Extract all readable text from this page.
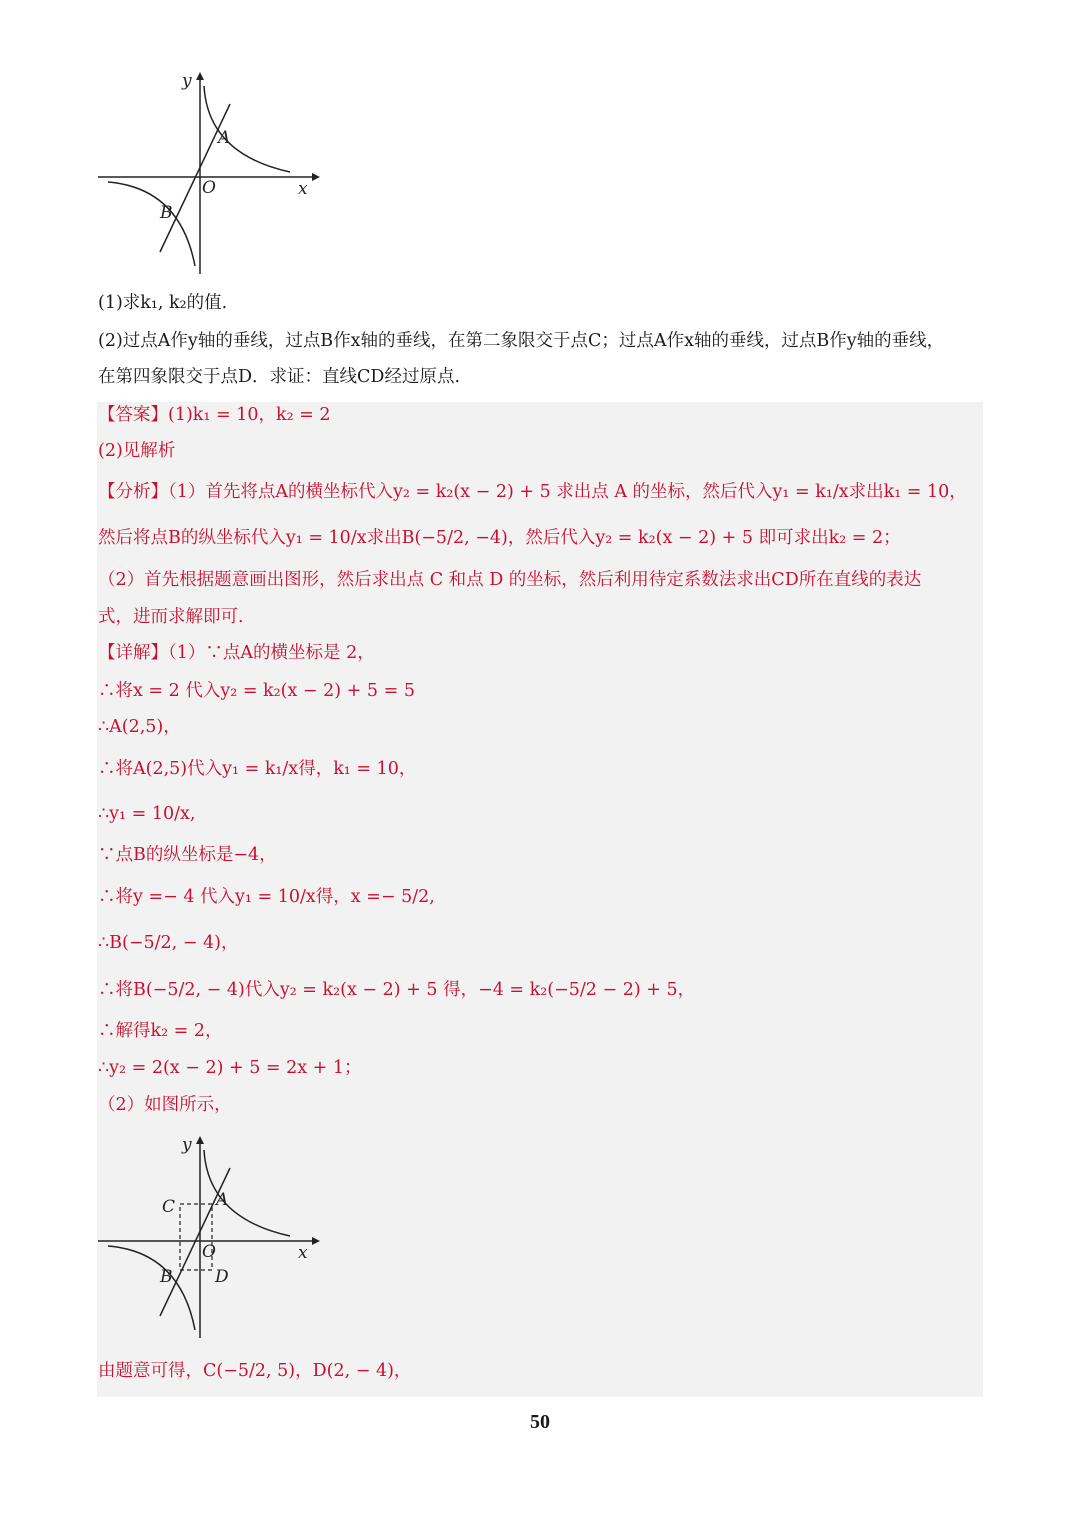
y
A
O	x
B
(1)求k₁, k₂的值.
(2)过点A作y轴的垂线，过点B作x轴的垂线，在第二象限交于点C；过点A作x轴的垂线，过点B作y轴的垂线，
在第四象限交于点D．求证：直线CD经过原点.
【答案】(1)k₁ = 10，k₂ = 2
(2)见解析
【分析】（1）首先将点A的横坐标代入y₂ = k₂(x − 2) + 5 求出点 A 的坐标，然后代入y₁ = k₁/x求出k₁ = 10，
然后将点B的纵坐标代入y₁ = 10/x求出B(−5/2, −4)，然后代入y₂ = k₂(x − 2) + 5 即可求出k₂ = 2；
（2）首先根据题意画出图形，然后求出点 C 和点 D 的坐标，然后利用待定系数法求出CD所在直线的表达
式，进而求解即可.
【详解】（1）∵点A的横坐标是 2，
∴将x = 2 代入y₂ = k₂(x − 2) + 5 = 5
∴A(2,5)，
∴将A(2,5)代入y₁ = k₁/x得，k₁ = 10，
∴y₁ = 10/x,
∵点B的纵坐标是−4，
∴将y =− 4 代入y₁ = 10/x得，x =− 5/2,
∴B(−5/2, − 4)，
∴将B(−5/2, − 4)代入y₂ = k₂(x − 2) + 5 得，−4 = k₂(−5/2 − 2) + 5，
∴解得k₂ = 2，
∴y₂ = 2(x − 2) + 5 = 2x + 1；
（2）如图所示，
y
C A
O	x
B	D
由题意可得，C(−5/2, 5)，D(2, − 4)，
50
